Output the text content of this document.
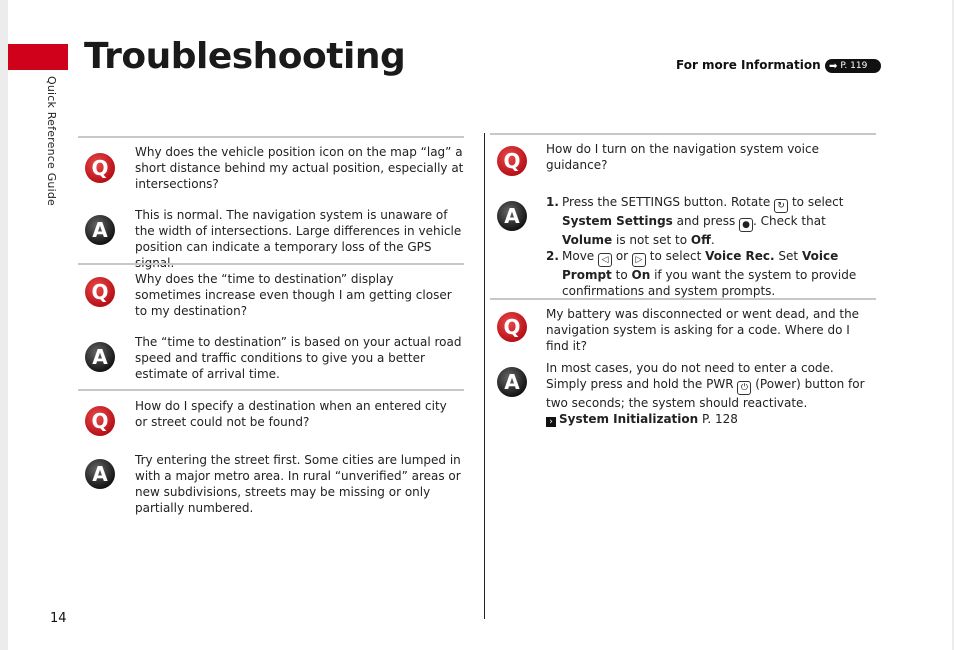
Troubleshooting
Quick Reference Guide
For more Information ➡ P. 119
Q
Why does the vehicle position icon on the map “lag” a short distance behind my actual position, especially at intersections?
A
This is normal. The navigation system is unaware of the width of intersections. Large differences in vehicle position can indicate a temporary loss of the GPS
Q
Why does the “time to destination” display sometimes increase even though I am getting closer to my destination?
A
The “time to destination” is based on your actual road speed and traffic conditions to give you a better estimate of arrival time.
Q
How do I specify a destination when an entered city or street could not be found?
A
Try entering the street first. Some cities are lumped in with a major metro area. In rural “unverified” areas or new subdivisions, streets may be missing or only partially numbered.
Q	How do I turn on the navigation system voice guidance?
A
1. Press the SETTINGS button. Rotate ↻ to select System Settings and press ● . Check that Volume is not set to Off.
2. Move ◁ or ▷ to select Voice Rec. Set Voice Prompt to On if you want the system to provide confirmations and system prompts.
Q
My battery was disconnected or went dead, and the navigation system is asking for a code. Where do I find it?
A
In most cases, you do not need to enter a code. Simply press and hold the PWR ⏻ (Power) button for two seconds; the system should reactivate.
› System Initialization P. 128
14
